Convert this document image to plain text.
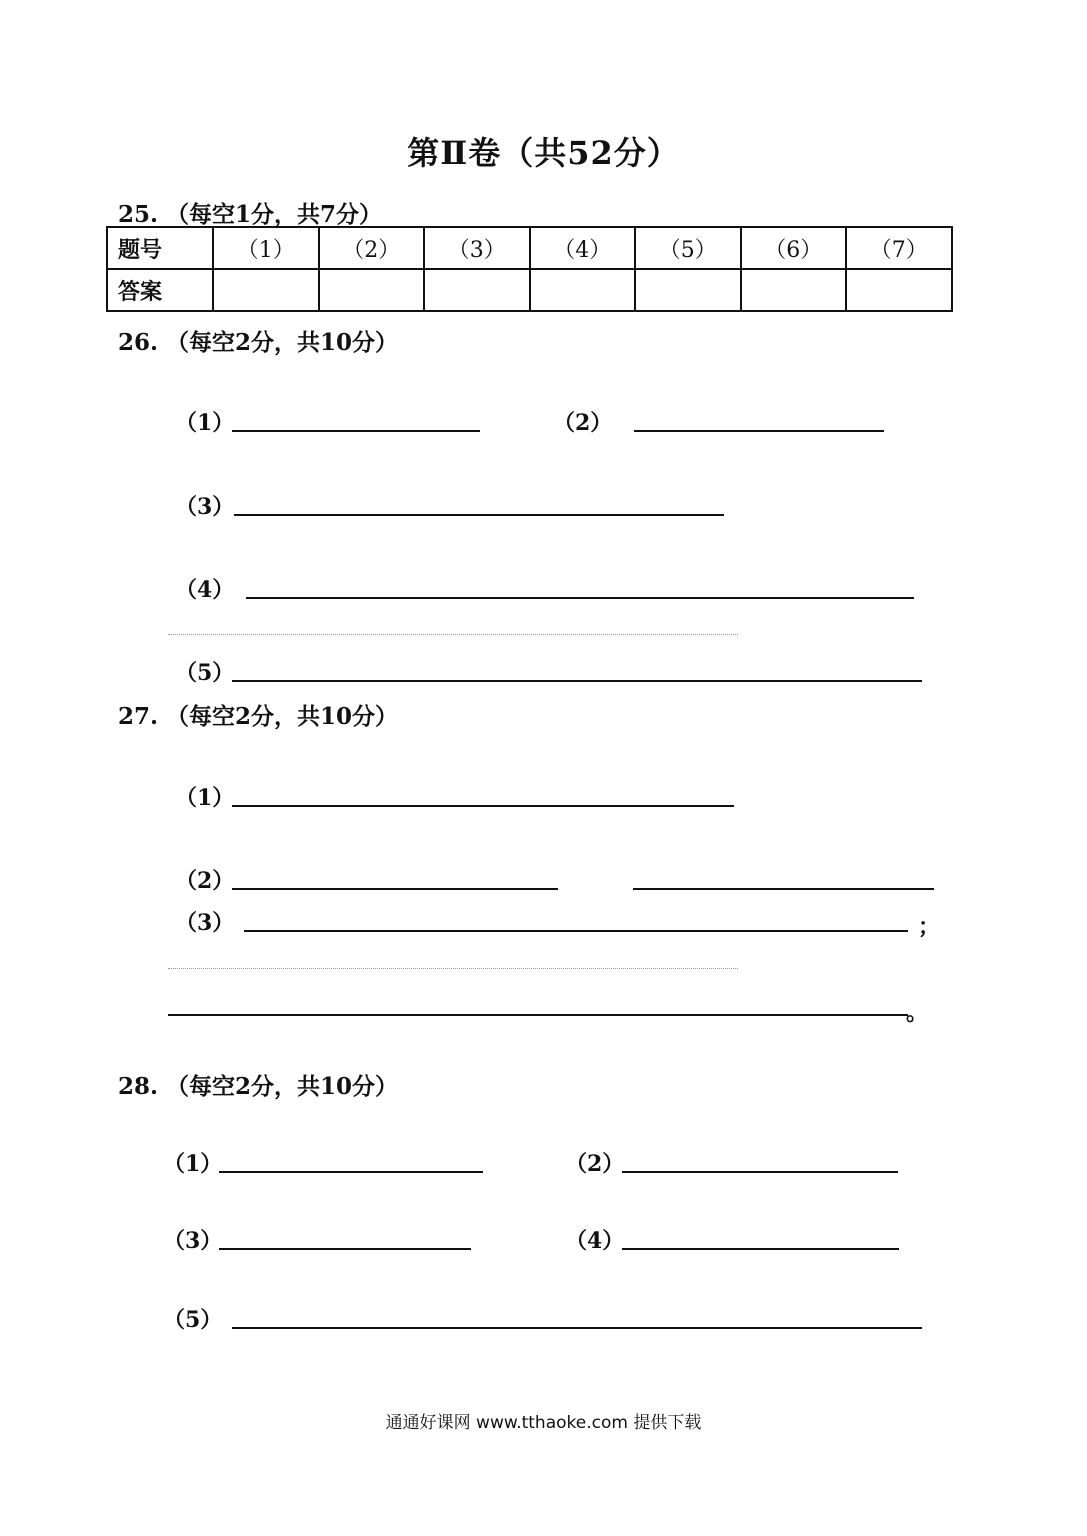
第Ⅱ卷（共52分）
25. （每空1分，共7分）
题号	（1）	（2）	（3）	（4）	（5）	（6）	（7）
答案							
26. （每空2分，共10分）
（1）	（2）
（3）
（4）
（5）
27. （每空2分，共10分）
（1）
（2）
（3）	；
。
28. （每空2分，共10分）
（1）	（2）
（3）	（4）
（5）
通通好课网 www.tthaoke.com 提供下载
